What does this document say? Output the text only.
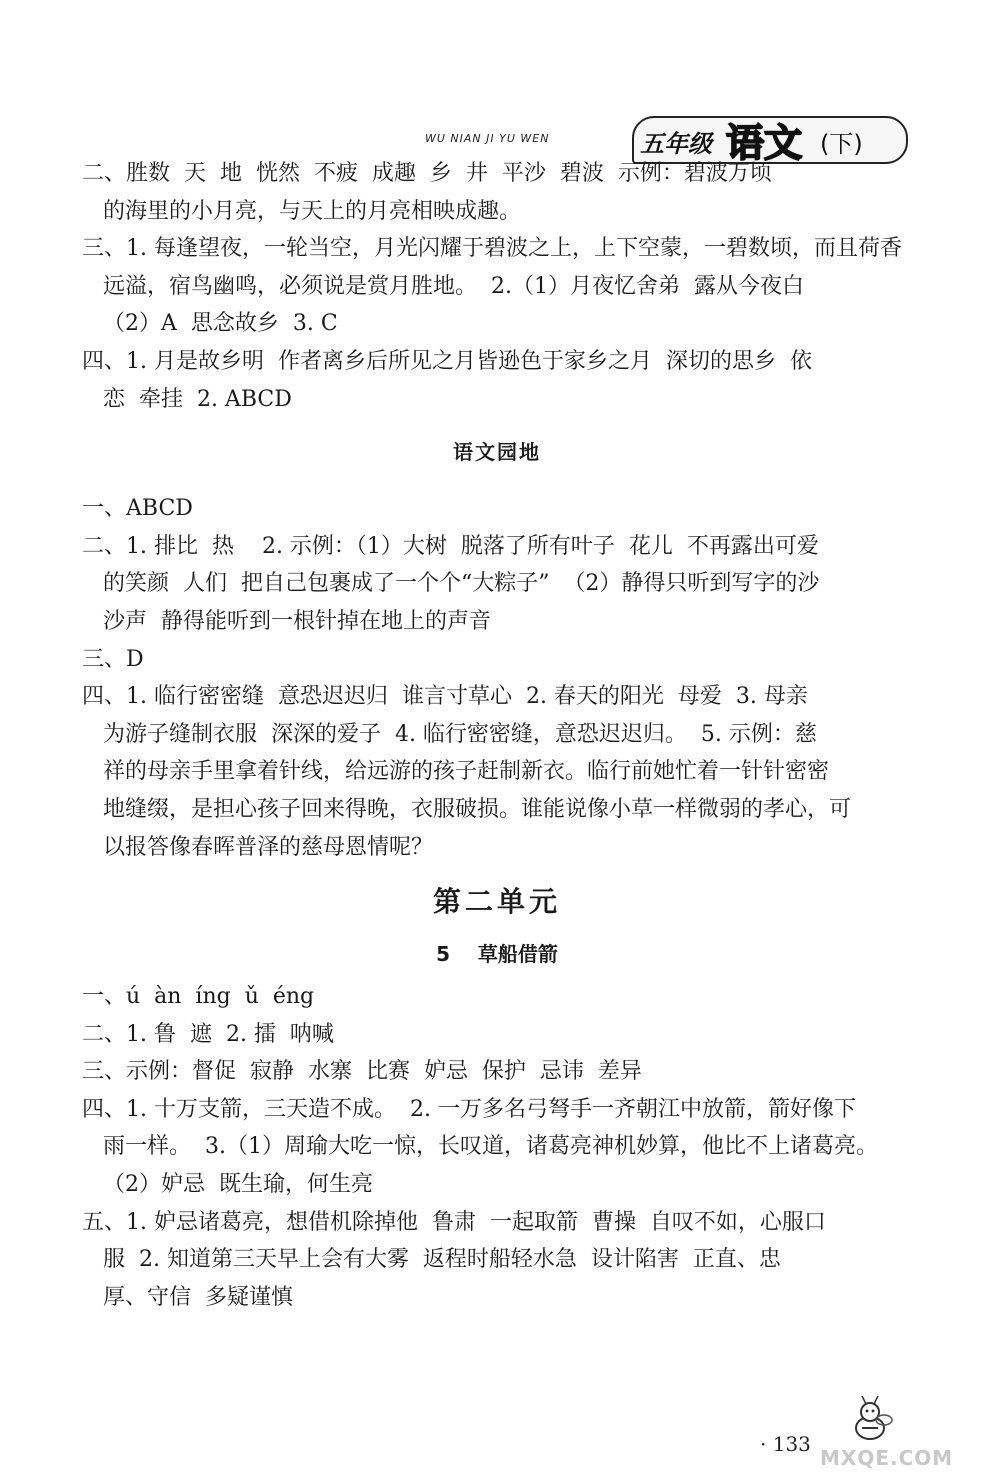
WU NIAN JI YU WEN	五年级 语文 (下)

二、胜数  天  地  恍然  不疲  成趣  乡  井  平沙  碧波  示例：碧波万顷

的海里的小月亮，与天上的月亮相映成趣。

三、1. 每逢望夜，一轮当空，月光闪耀于碧波之上，上下空蒙，一碧数顷，而且荷香

远溢，宿鸟幽鸣，必须说是赏月胜地。  2.（1）月夜忆舍弟  露从今夜白

（2）A  思念故乡  3. C

四、1. 月是故乡明  作者离乡后所见之月皆逊色于家乡之月  深切的思乡  依

恋  牵挂  2. ABCD

语文园地

一、ABCD

二、1. 排比  热    2. 示例：（1）大树  脱落了所有叶子  花儿  不再露出可爱

的笑颜  人们  把自己包裹成了一个个“大粽子”  （2）静得只听到写字的沙

沙声  静得能听到一根针掉在地上的声音

三、D

四、1. 临行密密缝  意恐迟迟归  谁言寸草心  2. 春天的阳光  母爱  3. 母亲

为游子缝制衣服  深深的爱子  4. 临行密密缝，意恐迟迟归。  5. 示例：慈

祥的母亲手里拿着针线，给远游的孩子赶制新衣。临行前她忙着一针针密密

地缝缀，是担心孩子回来得晚，衣服破损。谁能说像小草一样微弱的孝心，可

以报答像春晖普泽的慈母恩情呢？

第二单元
5    草船借箭

一、ú  àn  íng  ǔ  éng

二、1. 鲁  遮  2. 擂  呐喊

三、示例：督促  寂静  水寨  比赛  妒忌  保护  忌讳  差异

四、1. 十万支箭，三天造不成。  2. 一万多名弓弩手一齐朝江中放箭，箭好像下

雨一样。  3.（1）周瑜大吃一惊，长叹道，诸葛亮神机妙算，他比不上诸葛亮。

（2）妒忌  既生瑜，何生亮

五、1. 妒忌诸葛亮，想借机除掉他  鲁肃  一起取箭  曹操  自叹不如，心服口

服  2. 知道第三天早上会有大雾  返程时船轻水急  设计陷害  正直、忠

厚、守信  多疑谨慎

· 133
MXQE.COM
